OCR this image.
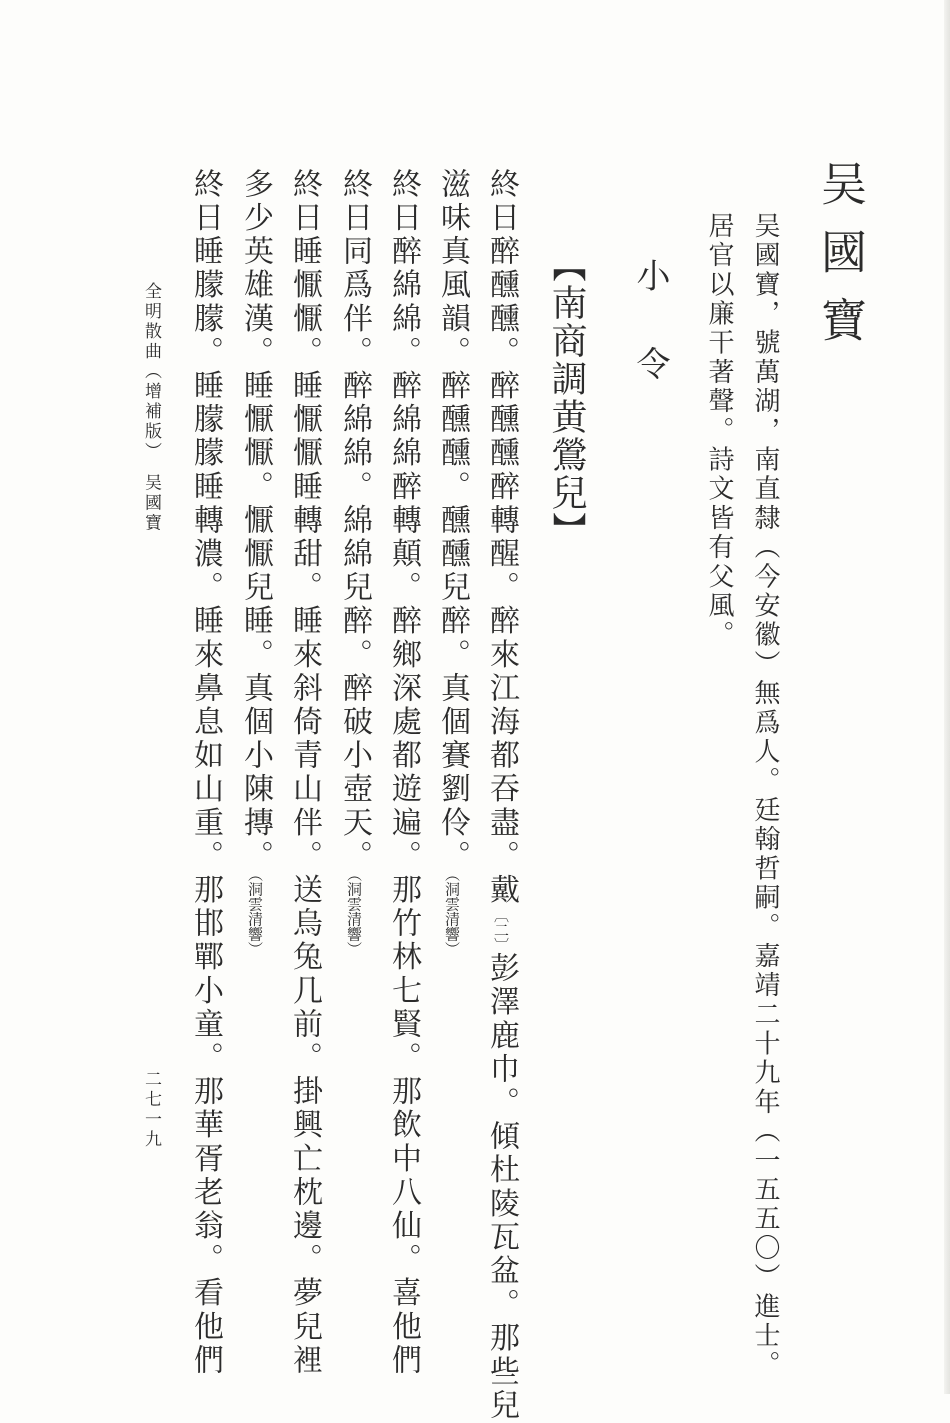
吴國寶
吴國寶，號萬湖，南直隸（今安徽）無爲人。廷翰哲嗣。嘉靖二十九年（一五五〇）進士。
居官以廉干著聲。詩文皆有父風。
小令
【南商調黄鶯兒】
終日醉醺醺。醉醺醺醉轉醒。醉來江海都吞盡。戴〔二〕彭澤鹿巾。傾杜陵瓦盆。那些兒
滋味真風韻。醉醺醺。醺醺兒醉。真個賽劉伶。（洞雲清響）
終日醉綿綿。醉綿綿醉轉顛。醉鄉深處都遊遍。那竹林七賢。那飲中八仙。喜他們
終日同爲伴。醉綿綿。綿綿兒醉。醉破小壺天。（洞雲清響）
終日睡懨懨。睡懨懨睡轉甜。睡來斜倚青山伴。送烏兔几前。掛興亡枕邊。夢兒裡
多少英雄漢。睡懨懨。懨懨兒睡。真個小陳摶。（洞雲清響）
終日睡朦朦。睡朦朦睡轉濃。睡來鼻息如山重。那邯鄲小童。那華胥老翁。看他們
全明散曲（增補版）　吴國寶
二七一九
